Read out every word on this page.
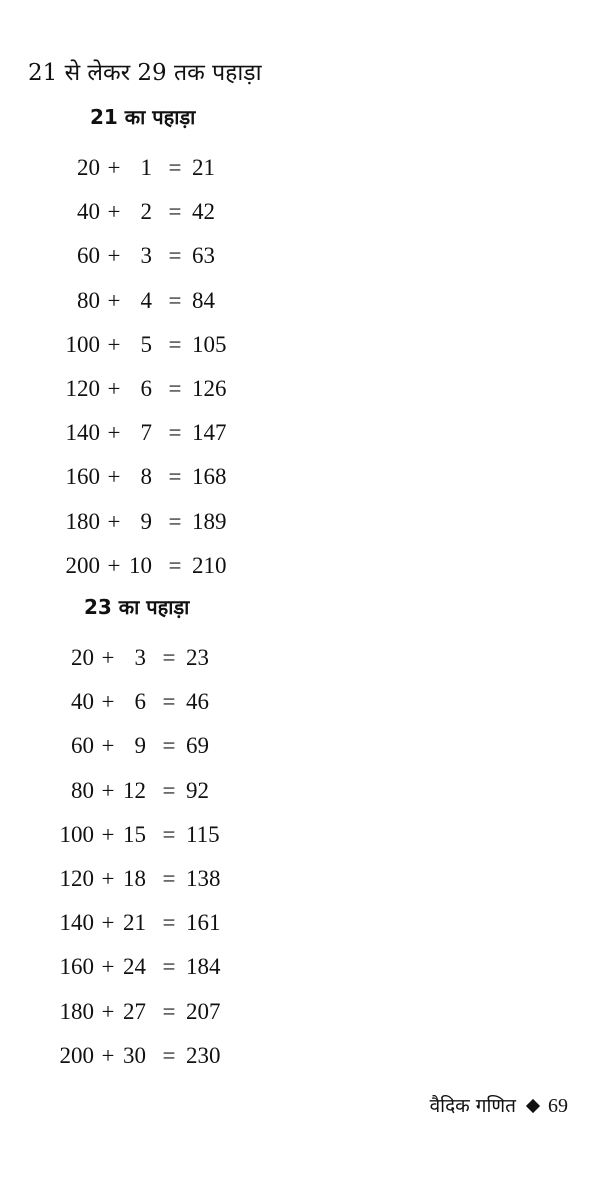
21 से लेकर 29 तक पहाड़ा
21 का पहाड़ा
20 + 1 = 21
40 + 2 = 42
60 + 3 = 63
80 + 4 = 84
100 + 5 = 105
120 + 6 = 126
140 + 7 = 147
160 + 8 = 168
180 + 9 = 189
200 + 10 = 210
23 का पहाड़ा
20 + 3 = 23
40 + 6 = 46
60 + 9 = 69
80 + 12 = 92
100 + 15 = 115
120 + 18 = 138
140 + 21 = 161
160 + 24 = 184
180 + 27 = 207
200 + 30 = 230
वैदिक गणित 69
